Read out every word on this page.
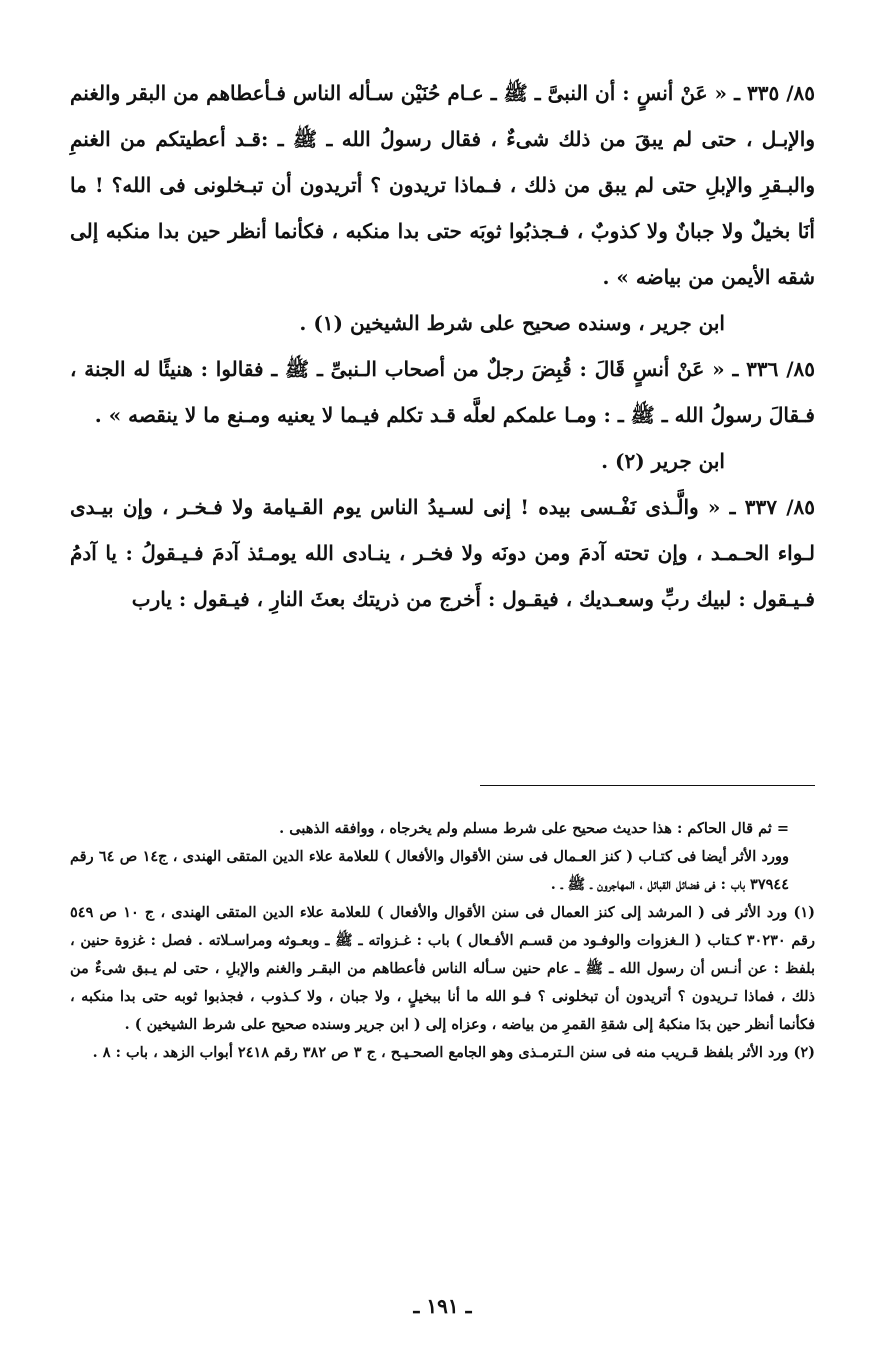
٨٥/ ٣٣٥ ـ « عَنْ أنسٍ : أن النبىَّ ـ ﷺ ـ عـام حُنَيْن سـأله الناس فـأعطاهم من البقر والغنم والإبـل ، حتى لم يبقَ من ذلك شىءٌ ، فقال رسولُ الله ـ ﷺ ـ :قـد أعطيتكم من الغنمِ والبـقرِ والإبلِ حتى لم يبق من ذلك ، فـماذا تريدون ؟ أتريدون أن تبـخلونى فى الله؟ ! ما أنَا بخيلٌ ولا جبانٌ ولا كذوبٌ ، فـجذبُوا ثوبَه حتى بدا منكبه ، فكأنما أنظر حين بدا منكبه إلى شقه الأيمن من بياضه » .

ابن جرير ، وسنده صحيح على شرط الشيخين (١) .

٨٥/ ٣٣٦ ـ « عَنْ أنسٍ قَالَ : قُبِضَ رجلٌ من أصحاب الـنبىِّ ـ ﷺ ـ فقالوا : هنيئًا له الجنة ، فـقالَ رسولُ الله ـ ﷺ ـ : ومـا علمكم لعلَّه قـد تكلم فيـما لا يعنيه ومـنع ما لا ينقصه » .

ابن جرير (٢) .

٨٥/ ٣٣٧ ـ « والَّـذى نَفْـسى بيده ! إنى لسـيدُ الناس يوم القـيامة ولا فـخـر ، وإن بيـدى لـواء الحـمـد ، وإن تحته آدمَ ومن دونَه ولا فخـر ، ينـادى الله يومـئذ آدمَ فـيـقولُ : يا آدمُ فـيـقول : لبيك ربِّ وسعـديك ، فيقـول : أَخرج من ذريتك بعثَ النارِ ، فيـقول : يارب

= ثم قال الحاكم : هذا حديث صحيح على شرط مسلم ولم يخرجاه ، ووافقه الذهبى .

وورد الأثر أيضا فى كتـاب ( كنز العـمال فى سنن الأقوال والأفعال ) للعلامة علاء الدين المتقى الهندى ، ج١٤ ص ٦٤ رقم ٣٧٩٤٤ باب : فى فضائل القبائل ، المهاجرون ـ ﷺ ـ .

(١) ورد الأثر فى ( المرشد إلى كنز العمال فى سنن الأقوال والأفعال ) للعلامة علاء الدين المتقى الهندى ، ج ١٠ ص ٥٤٩ رقم ٣٠٢٣٠ كـتاب ( الـغزوات والوفـود من قسـم الأفـعال ) باب : غـزواته ـ ﷺ ـ وبعـوثه ومراسـلاته . فصل : غزوة حنين ، بلفظ : عن أنـس أن رسول الله ـ ﷺ ـ عام حنين سـأله الناس فأعطاهم من البقـر والغنم والإبلِ ، حتى لم يـبق شىءٌ من ذلك ، فماذا تـريدون ؟ أتريدون أن تبخلونى ؟ فـو الله ما أنا ببخيلٍ ، ولا جبان ، ولا كـذوب ، فجذبوا ثوبه حتى بدا منكبه ، فكأنما أنظر حين بدَا منكبهُ إلى شقةِ القمرِ من بياضه ، وعزاه إلى ( ابن جرير وسنده صحيح على شرط الشيخين ) .

(٢) ورد الأثر بلفظ قـريب منه فى سنن الـترمـذى وهو الجامع الصحـيـح ، ج ٣ ص ٣٨٢ رقم ٢٤١٨ أبواب الزهد ، باب : ٨ .

ـ ١٩١ ـ
